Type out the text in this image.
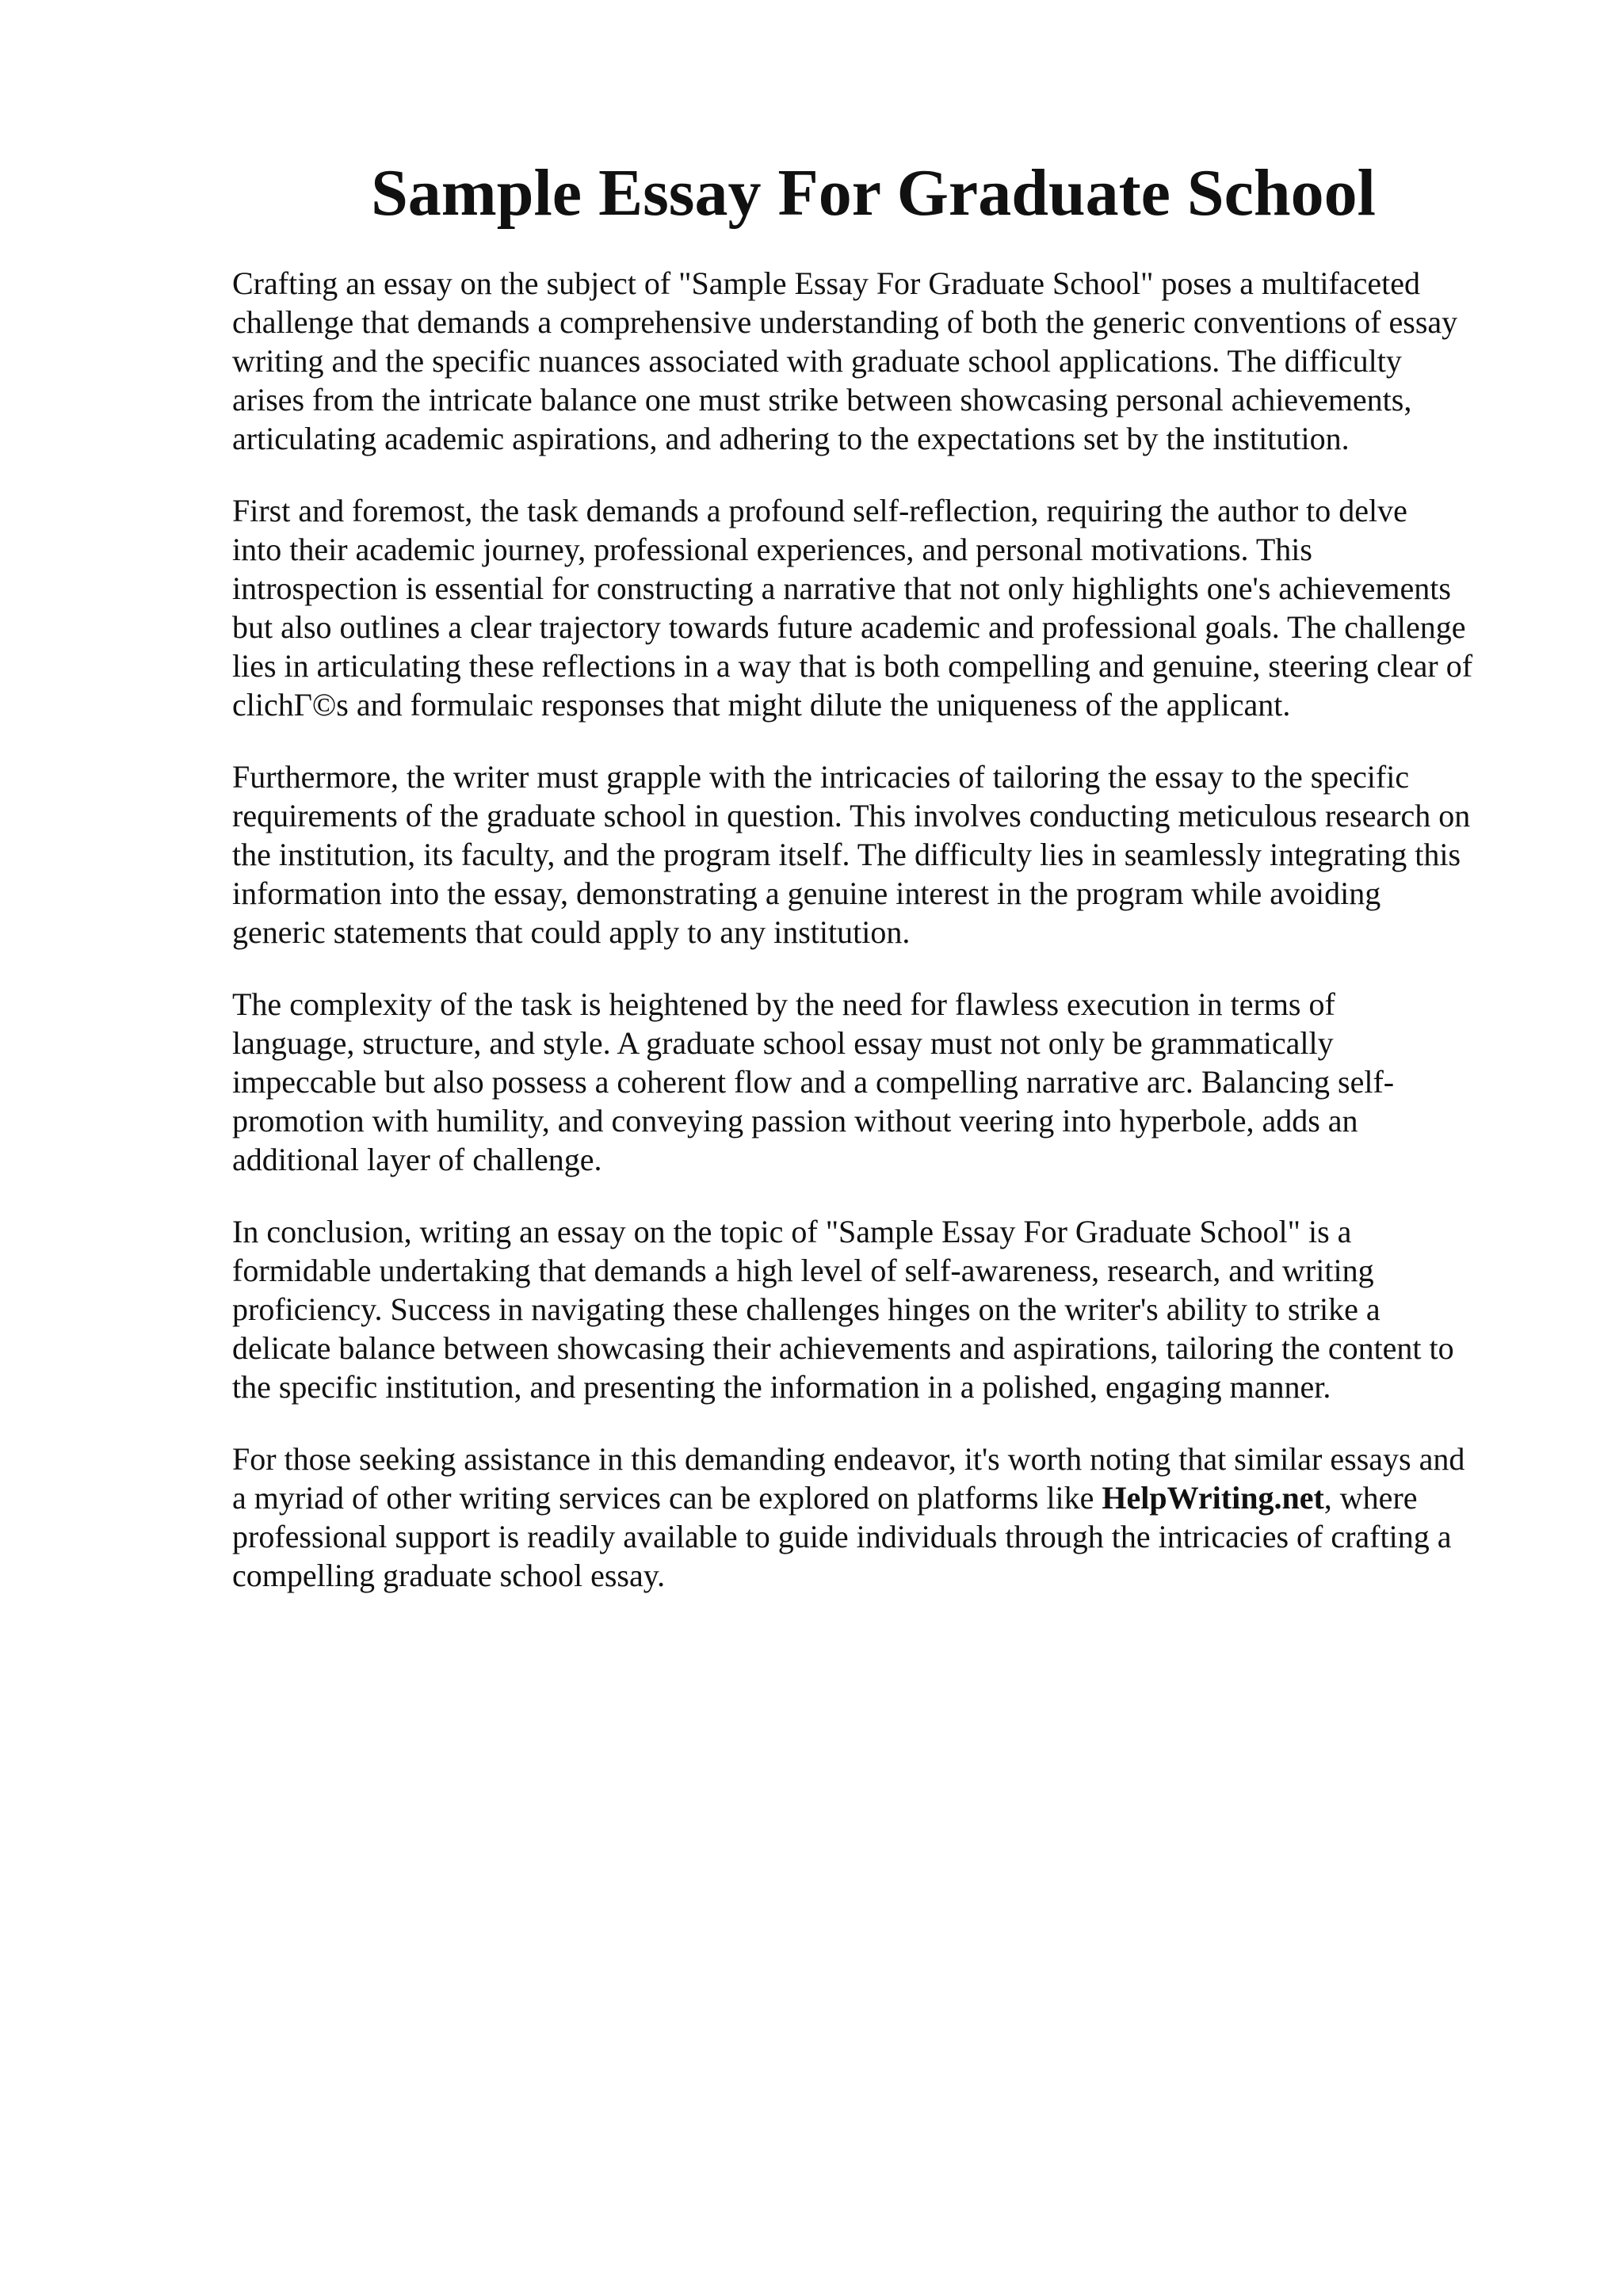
Sample Essay For Graduate School

Crafting an essay on the subject of "Sample Essay For Graduate School" poses a multifaceted
challenge that demands a comprehensive understanding of both the generic conventions of essay
writing and the specific nuances associated with graduate school applications. The difficulty
arises from the intricate balance one must strike between showcasing personal achievements,
articulating academic aspirations, and adhering to the expectations set by the institution.

First and foremost, the task demands a profound self-reflection, requiring the author to delve
into their academic journey, professional experiences, and personal motivations. This
introspection is essential for constructing a narrative that not only highlights one's achievements
but also outlines a clear trajectory towards future academic and professional goals. The challenge
lies in articulating these reflections in a way that is both compelling and genuine, steering clear of
clichΓ©s and formulaic responses that might dilute the uniqueness of the applicant.

Furthermore, the writer must grapple with the intricacies of tailoring the essay to the specific
requirements of the graduate school in question. This involves conducting meticulous research on
the institution, its faculty, and the program itself. The difficulty lies in seamlessly integrating this
information into the essay, demonstrating a genuine interest in the program while avoiding
generic statements that could apply to any institution.

The complexity of the task is heightened by the need for flawless execution in terms of
language, structure, and style. A graduate school essay must not only be grammatically
impeccable but also possess a coherent flow and a compelling narrative arc. Balancing self-
promotion with humility, and conveying passion without veering into hyperbole, adds an
additional layer of challenge.

In conclusion, writing an essay on the topic of "Sample Essay For Graduate School" is a
formidable undertaking that demands a high level of self-awareness, research, and writing
proficiency. Success in navigating these challenges hinges on the writer's ability to strike a
delicate balance between showcasing their achievements and aspirations, tailoring the content to
the specific institution, and presenting the information in a polished, engaging manner.

For those seeking assistance in this demanding endeavor, it's worth noting that similar essays and
a myriad of other writing services can be explored on platforms like HelpWriting.net, where
professional support is readily available to guide individuals through the intricacies of crafting a
compelling graduate school essay.
